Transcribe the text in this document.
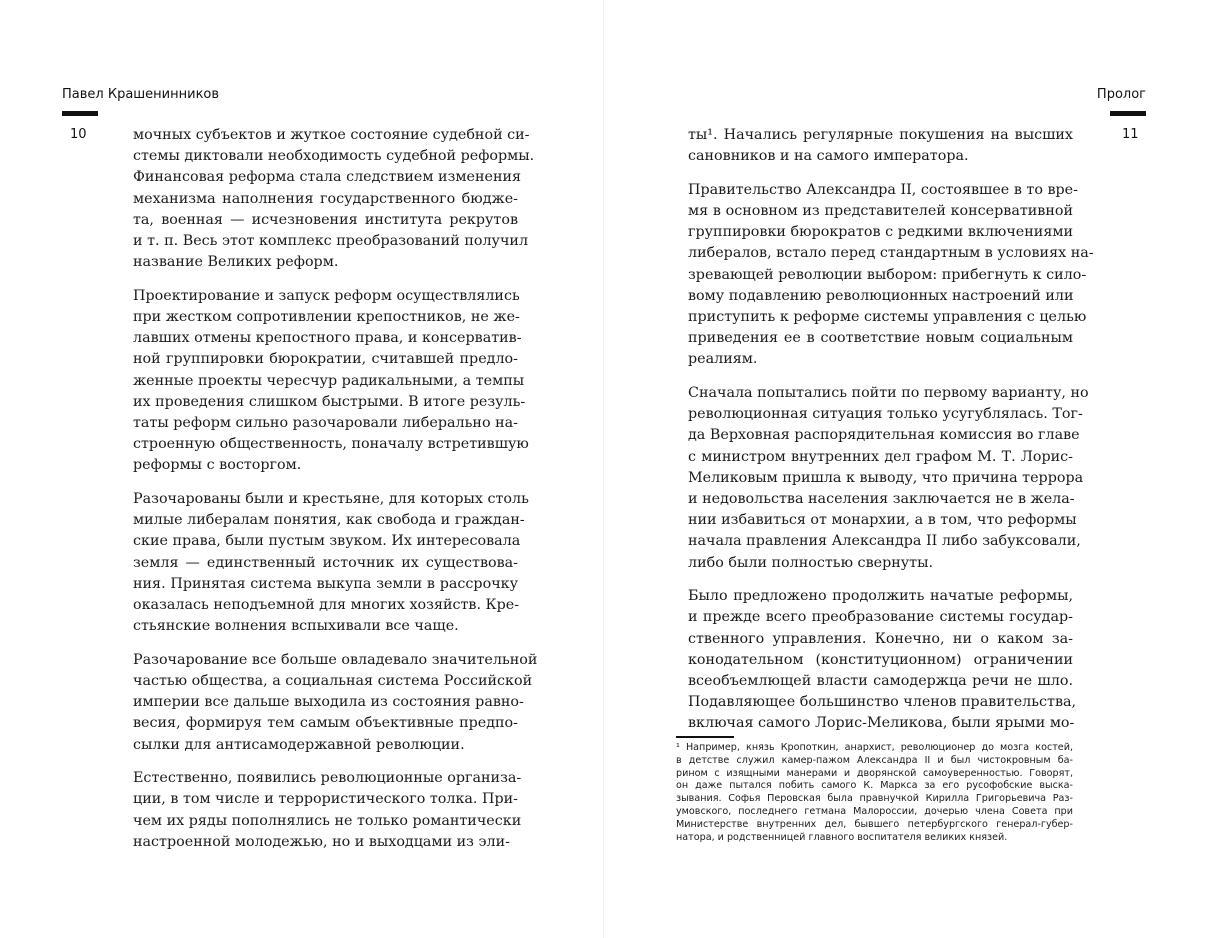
Павел Крашенинников
10	мочных субъектов и жуткое состояние судебной си-
стемы диктовали необходимость судебной реформы.
Финансовая реформа стала следствием изменения
механизма наполнения государственного бюдже-
та, военная — исчезновения института рекрутов
и т. п. Весь этот комплекс преобразований получил
название Великих реформ.
Проектирование и запуск реформ осуществлялись
при жестком сопротивлении крепостников, не же-
лавших отмены крепостного права, и консерватив-
ной группировки бюрократии, считавшей предло-
женные проекты чересчур радикальными, а темпы
их проведения слишком быстрыми. В итоге резуль-
таты реформ сильно разочаровали либерально на-
строенную общественность, поначалу встретившую
реформы с восторгом.
Разочарованы были и крестьяне, для которых столь
милые либералам понятия, как свобода и граждан-
ские права, были пустым звуком. Их интересовала
земля — единственный источник их существова-
ния. Принятая система выкупа земли в рассрочку
оказалась неподъемной для многих хозяйств. Кре-
стьянские волнения вспыхивали все чаще.
Разочарование все больше овладевало значительной
частью общества, а социальная система Российской
империи все дальше выходила из состояния равно-
весия, формируя тем самым объективные предпо-
сылки для антисамодержавной революции.
Естественно, появились революционные организа-
ции, в том числе и террористического толка. При-
чем их ряды пополнялись не только романтически
настроенной молодежью, но и выходцами из эли-
Пролог
11
ты¹. Начались регулярные покушения на высших
сановников и на самого императора.
Правительство Александра II, состоявшее в то вре-
мя в основном из представителей консервативной
группировки бюрократов с редкими включениями
либералов, встало перед стандартным в условиях на-
зревающей революции выбором: прибегнуть к сило-
вому подавлению революционных настроений или
приступить к реформе системы управления с целью
приведения ее в соответствие новым социальным
реалиям.
Сначала попытались пойти по первому варианту, но
революционная ситуация только усугублялась. Тог-
да Верховная распорядительная комиссия во главе
с министром внутренних дел графом М. Т. Лорис-
Меликовым пришла к выводу, что причина террора
и недовольства населения заключается не в жела-
нии избавиться от монархии, а в том, что реформы
начала правления Александра II либо забуксовали,
либо были полностью свернуты.
Было предложено продолжить начатые реформы,
и прежде всего преобразование системы государ-
ственного управления. Конечно, ни о каком за-
конодательном (конституционном) ограничении
всеобъемлющей власти самодержца речи не шло.
Подавляющее большинство членов правительства,
включая самого Лорис-Меликова, были ярыми мо-
¹ Например, князь Кропоткин, анархист, революционер до мозга костей,
в детстве служил камер-пажом Александра II и был чистокровным ба-
рином с изящными манерами и дворянской самоуверенностью. Говорят,
он даже пытался побить самого К. Маркса за его русофобские выска-
зывания. Софья Перовская была правнучкой Кирилла Григорьевича Раз-
умовского, последнего гетмана Малороссии, дочерью члена Совета при
Министерстве внутренних дел, бывшего петербургского генерал-губер-
натора, и родственницей главного воспитателя великих князей.
